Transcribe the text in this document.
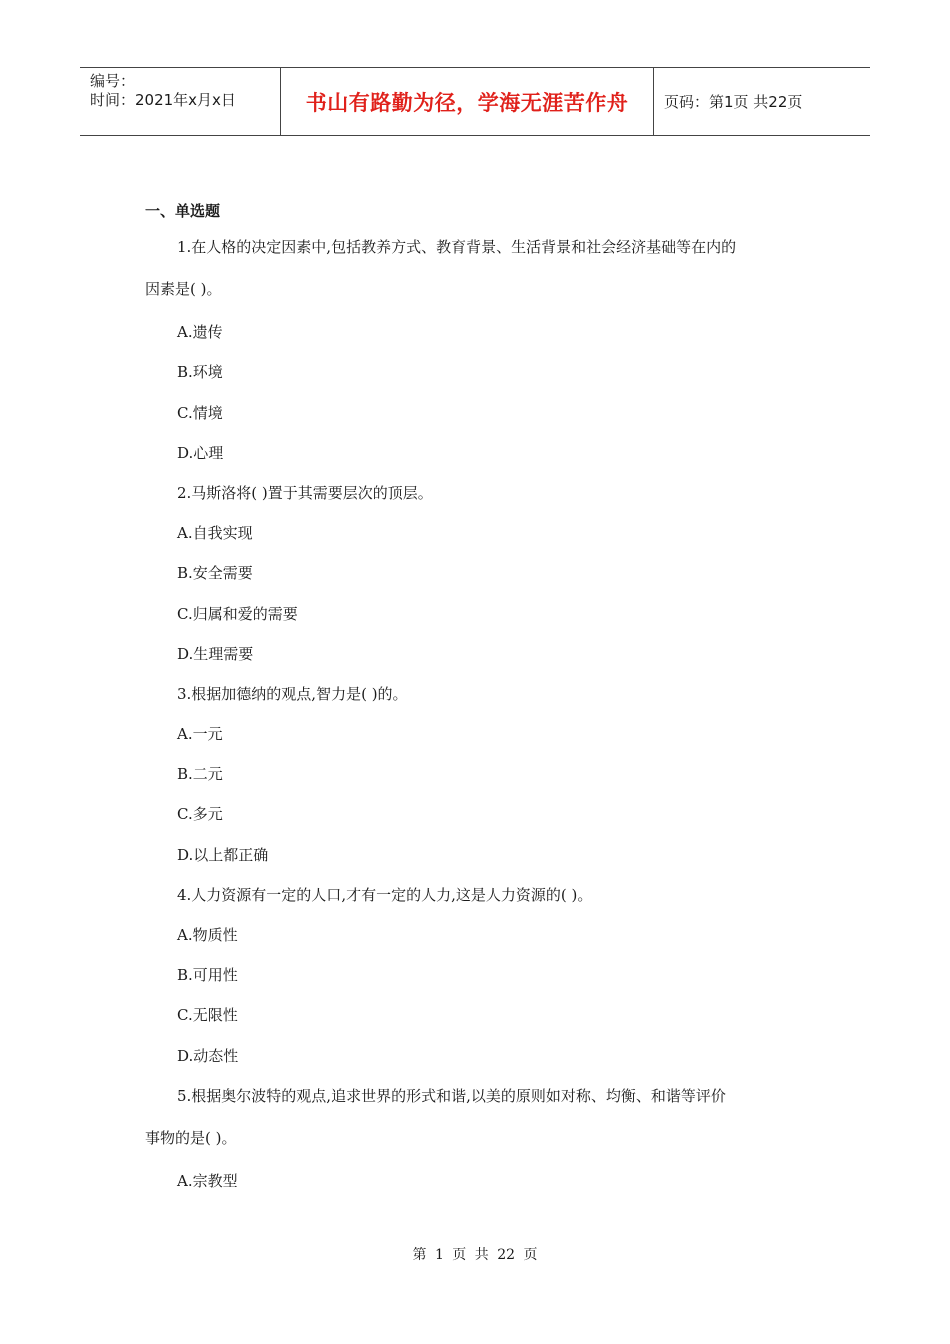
编号：
时间：2021年x月x日	书山有路勤为径，学海无涯苦作舟	页码：第1页 共22页
一、单选题
1.在人格的决定因素中,包括教养方式、教育背景、生活背景和社会经济基础等在内的
因素是( )。
A.遗传
B.环境
C.情境
D.心理
2.马斯洛将( )置于其需要层次的顶层。
A.自我实现
B.安全需要
C.归属和爱的需要
D.生理需要
3.根据加德纳的观点,智力是( )的。
A.一元
B.二元
C.多元
D.以上都正确
4.人力资源有一定的人口,才有一定的人力,这是人力资源的( )。
A.物质性
B.可用性
C.无限性
D.动态性
5.根据奥尔波特的观点,追求世界的形式和谐,以美的原则如对称、均衡、和谐等评价
事物的是( )。
A.宗教型
第 1 页 共 22 页
